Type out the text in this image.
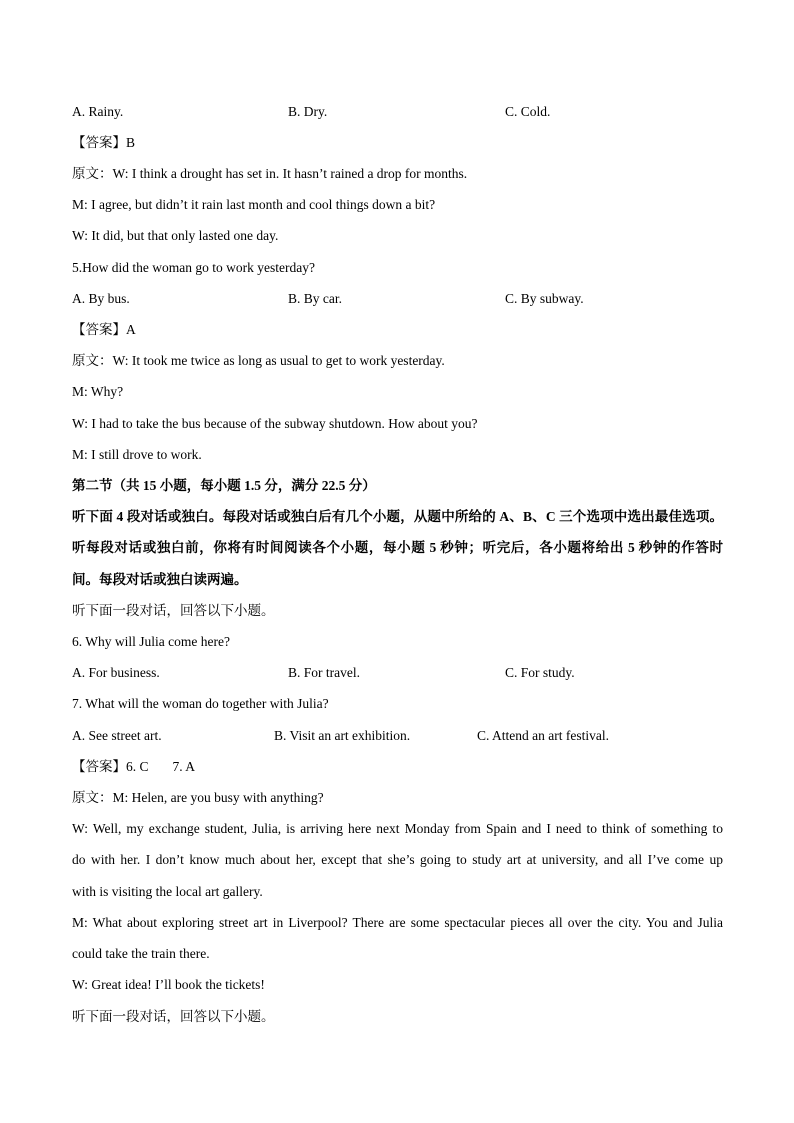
A. Rainy.	B. Dry.	C. Cold.
【答案】B
原文：W: I think a drought has set in. It hasn’t rained a drop for months.
M: I agree, but didn’t it rain last month and cool things down a bit?
W: It did, but that only lasted one day.
5.How did the woman go to work yesterday?
A. By bus.	B. By car.	C. By subway.
【答案】A
原文：W: It took me twice as long as usual to get to work yesterday.
M: Why?
W: I had to take the bus because of the subway shutdown. How about you?
M: I still drove to work.
第二节（共 15 小题，每小题 1.5 分，满分 22.5 分）
听下面 4 段对话或独白。每段对话或独白后有几个小题，从题中所给的 A、B、C 三个选项中选出最佳选项。
听每段对话或独白前，你将有时间阅读各个小题，每小题 5 秒钟；听完后，各小题将给出 5 秒钟的作答时
间。每段对话或独白读两遍。
听下面一段对话，回答以下小题。
6. Why will Julia come here?
A. For business.	B. For travel.	C. For study.
7. What will the woman do together with Julia?
A. See street art.	B. Visit an art exhibition.	C. Attend an art festival.
【答案】6. C 7. A
原文：M: Helen, are you busy with anything?
W: Well, my exchange student, Julia, is arriving here next Monday from Spain and I need to think of something to
do with her. I don’t know much about her, except that she’s going to study art at university, and all I’ve come up
with is visiting the local art gallery.
M: What about exploring street art in Liverpool? There are some spectacular pieces all over the city. You and Julia
could take the train there.
W: Great idea! I’ll book the tickets!
听下面一段对话，回答以下小题。
